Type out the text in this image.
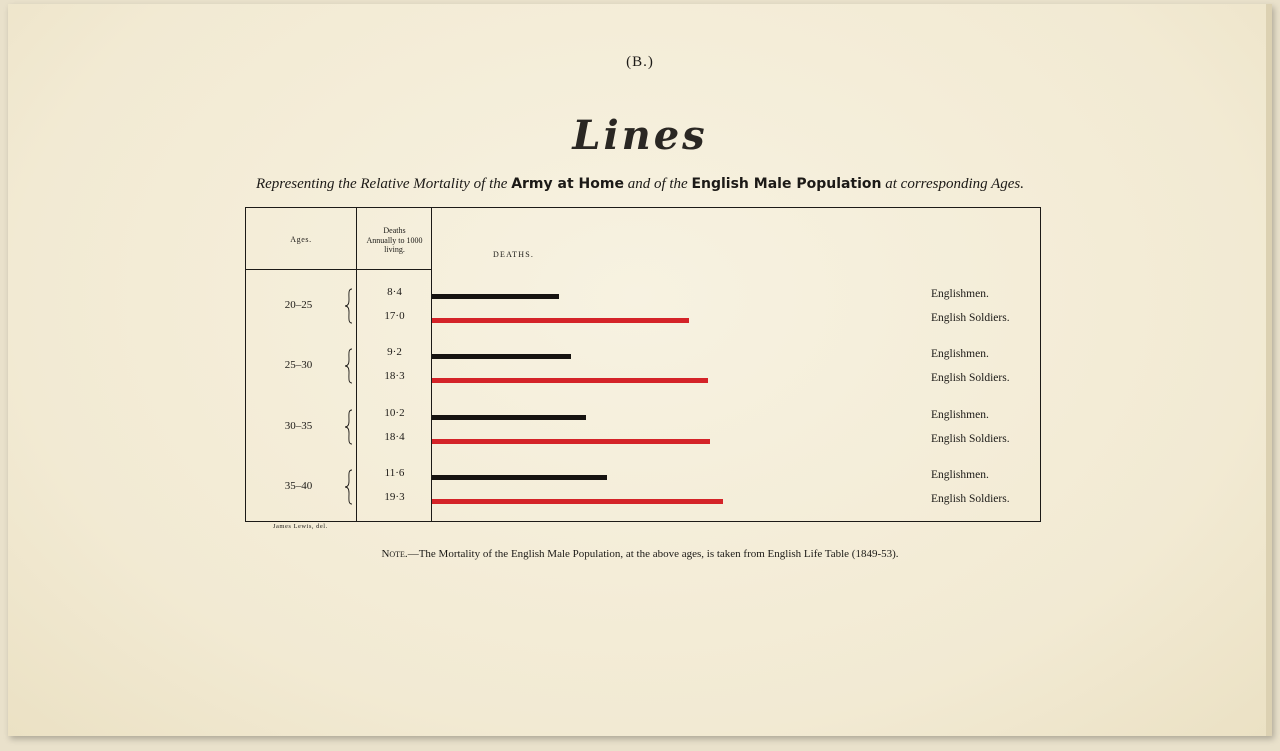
(B.)
Lines
Representing the Relative Mortality of the Army at Home and of the English Male Population at corresponding Ages.
Ages.
Deaths
Annually to 1000
living.
DEATHS.
20–25
8·4	Englishmen.
17·0	English Soldiers.
25–30
9·2	Englishmen.
18·3	English Soldiers.
30–35
10·2	Englishmen.
18·4	English Soldiers.
35–40
11·6	Englishmen.
19·3	English Soldiers.
James Lewis, del.
Note.—The Mortality of the English Male Population, at the above ages, is taken from English Life Table (1849-53).
